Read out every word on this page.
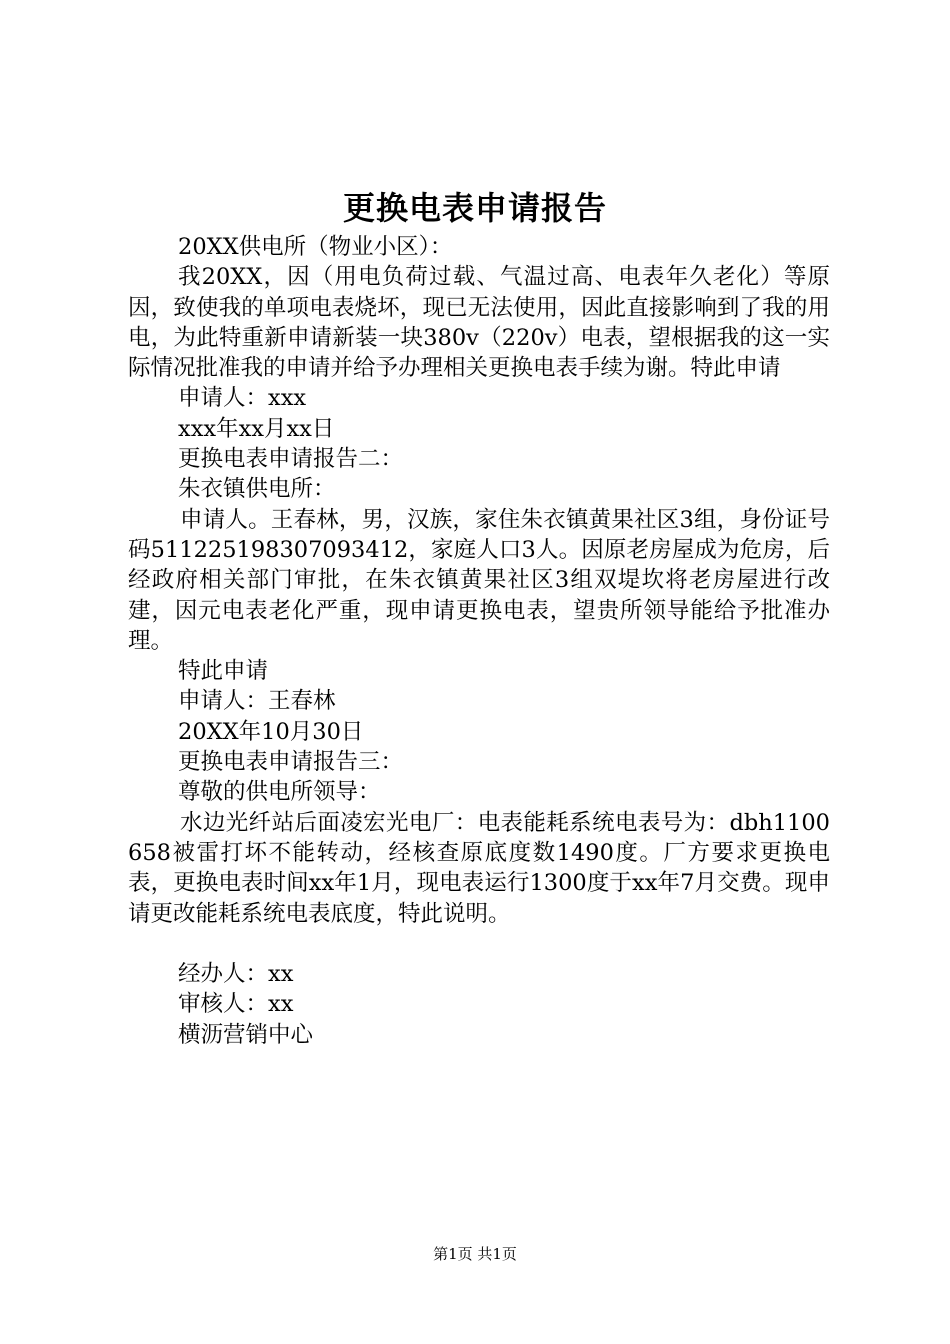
更换电表申请报告

20XX供电所（物业小区）：

我20XX，因（用电负荷过载、气温过高、电表年久老化）等原因，致使我的单项电表烧坏，现已无法使用，因此直接影响到了我的用电，为此特重新申请新装一块380v（220v）电表，望根据我的这一实际情况批准我的申请并给予办理相关更换电表手续为谢。特此申请

申请人：xxx

xxx年xx月xx日

更换电表申请报告二：

朱衣镇供电所：

申请人。王春林，男，汉族，家住朱衣镇黄果社区3组，身份证号码511225198307093412，家庭人口3人。因原老房屋成为危房，后经政府相关部门审批，在朱衣镇黄果社区3组双堤坎将老房屋进行改建，因元电表老化严重，现申请更换电表，望贵所领导能给予批准办理。

特此申请

申请人：王春林

20XX年10月30日

更换电表申请报告三：

尊敬的供电所领导：

水边光纤站后面凌宏光电厂：电表能耗系统电表号为：dbh1100658被雷打坏不能转动，经核查原底度数1490度。厂方要求更换电表，更换电表时间xx年1月，现电表运行1300度于xx年7月交费。现申请更改能耗系统电表底度，特此说明。

经办人：xx

审核人：xx

横沥营销中心

第1页 共1页
